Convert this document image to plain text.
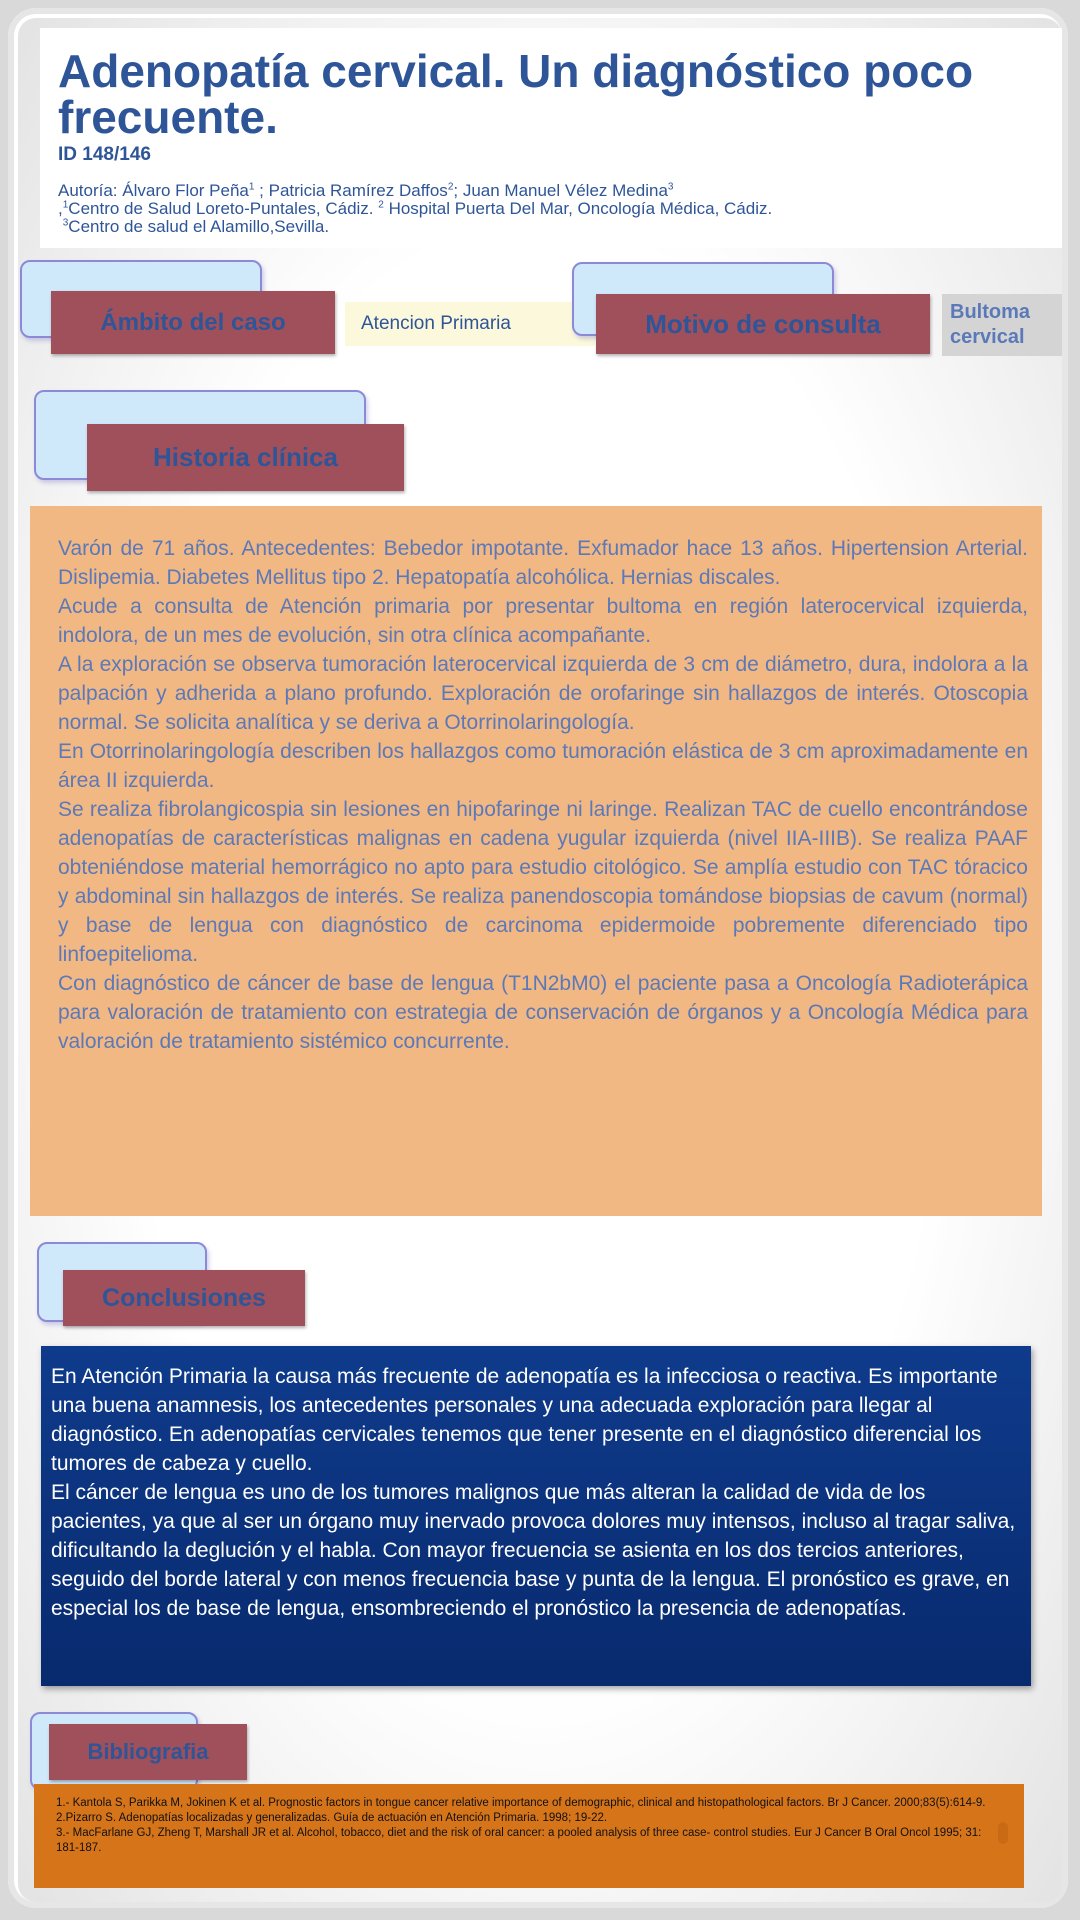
Adenopatía cervical. Un diagnóstico poco frecuente.
ID 148/146
Autoría: Álvaro Flor Peña$^1$ ; Patricia Ramírez Daffos$^2$; Juan Manuel Vélez Medina$^3$
,$^1$Centro de Salud Loreto-Puntales, Cádiz. $^2$ Hospital Puerta Del Mar, Oncología Médica, Cádiz.
$^3$Centro de salud el Alamillo,Sevilla.
Ámbito del caso	Atencion Primaria	Motivo de consulta	Bultoma cervical
Historia clínica

Varón de 71 años. Antecedentes: Bebedor impotante. Exfumador hace 13 años. Hipertension Arterial. Dislipemia. Diabetes Mellitus tipo 2. Hepatopatía alcohólica. Hernias discales.

Acude a consulta de Atención primaria por presentar bultoma en región laterocervical izquierda, indolora, de un mes de evolución, sin otra clínica acompañante.

A la exploración se observa tumoración laterocervical izquierda de 3 cm de diámetro, dura, indolora a la palpación y adherida a plano profundo. Exploración de orofaringe sin hallazgos de interés. Otoscopia normal. Se solicita analítica y se deriva a Otorrinolaringología.

En Otorrinolaringología describen los hallazgos como tumoración elástica de 3 cm aproximadamente en área II izquierda.

Se realiza fibrolangicospia sin lesiones en hipofaringe ni laringe. Realizan TAC de cuello encontrándose adenopatías de características malignas en cadena yugular izquierda (nivel IIA-IIIB). Se realiza PAAF obteniéndose material hemorrágico no apto para estudio citológico. Se amplía estudio con TAC tóracico y abdominal sin hallazgos de interés. Se realiza panendoscopia tomándose biopsias de cavum (normal) y base de lengua con diagnóstico de carcinoma epidermoide pobremente diferenciado tipo linfoepitelioma.

Con diagnóstico de cáncer de base de lengua (T1N2bM0) el paciente pasa a Oncología Radioterápica para valoración de tratamiento con estrategia de conservación de órganos y a Oncología Médica para valoración de tratamiento sistémico concurrente.

Conclusiones

En Atención Primaria la causa más frecuente de adenopatía es la infecciosa o reactiva. Es importante una buena anamnesis, los antecedentes personales y una adecuada exploración para llegar al diagnóstico. En adenopatías cervicales tenemos que tener presente en el diagnóstico diferencial los tumores de cabeza y cuello.

El cáncer de lengua es uno de los tumores malignos que más alteran la calidad de vida de los pacientes, ya que al ser un órgano muy inervado provoca dolores muy intensos, incluso al tragar saliva, dificultando la deglución y el habla. Con mayor frecuencia se asienta en los dos tercios anteriores, seguido del borde lateral y con menos frecuencia base y punta de la lengua. El pronóstico es grave, en especial los de base de lengua, ensombreciendo el pronóstico la presencia de adenopatías.

Bibliografia

1.- Kantola S, Parikka M, Jokinen K et al. Prognostic factors in tongue cancer relative importance of demographic, clinical and histopathological factors. Br J Cancer. 2000;83(5):614-9.

2.Pizarro S. Adenopatías localizadas y generalizadas. Guía de actuación en Atención Primaria. 1998; 19-22.

3.- MacFarlane GJ, Zheng T, Marshall JR et al. Alcohol, tobacco, diet and the risk of oral cancer: a pooled analysis of three case- control studies. Eur J Cancer B Oral Oncol 1995; 31: 181-187.
